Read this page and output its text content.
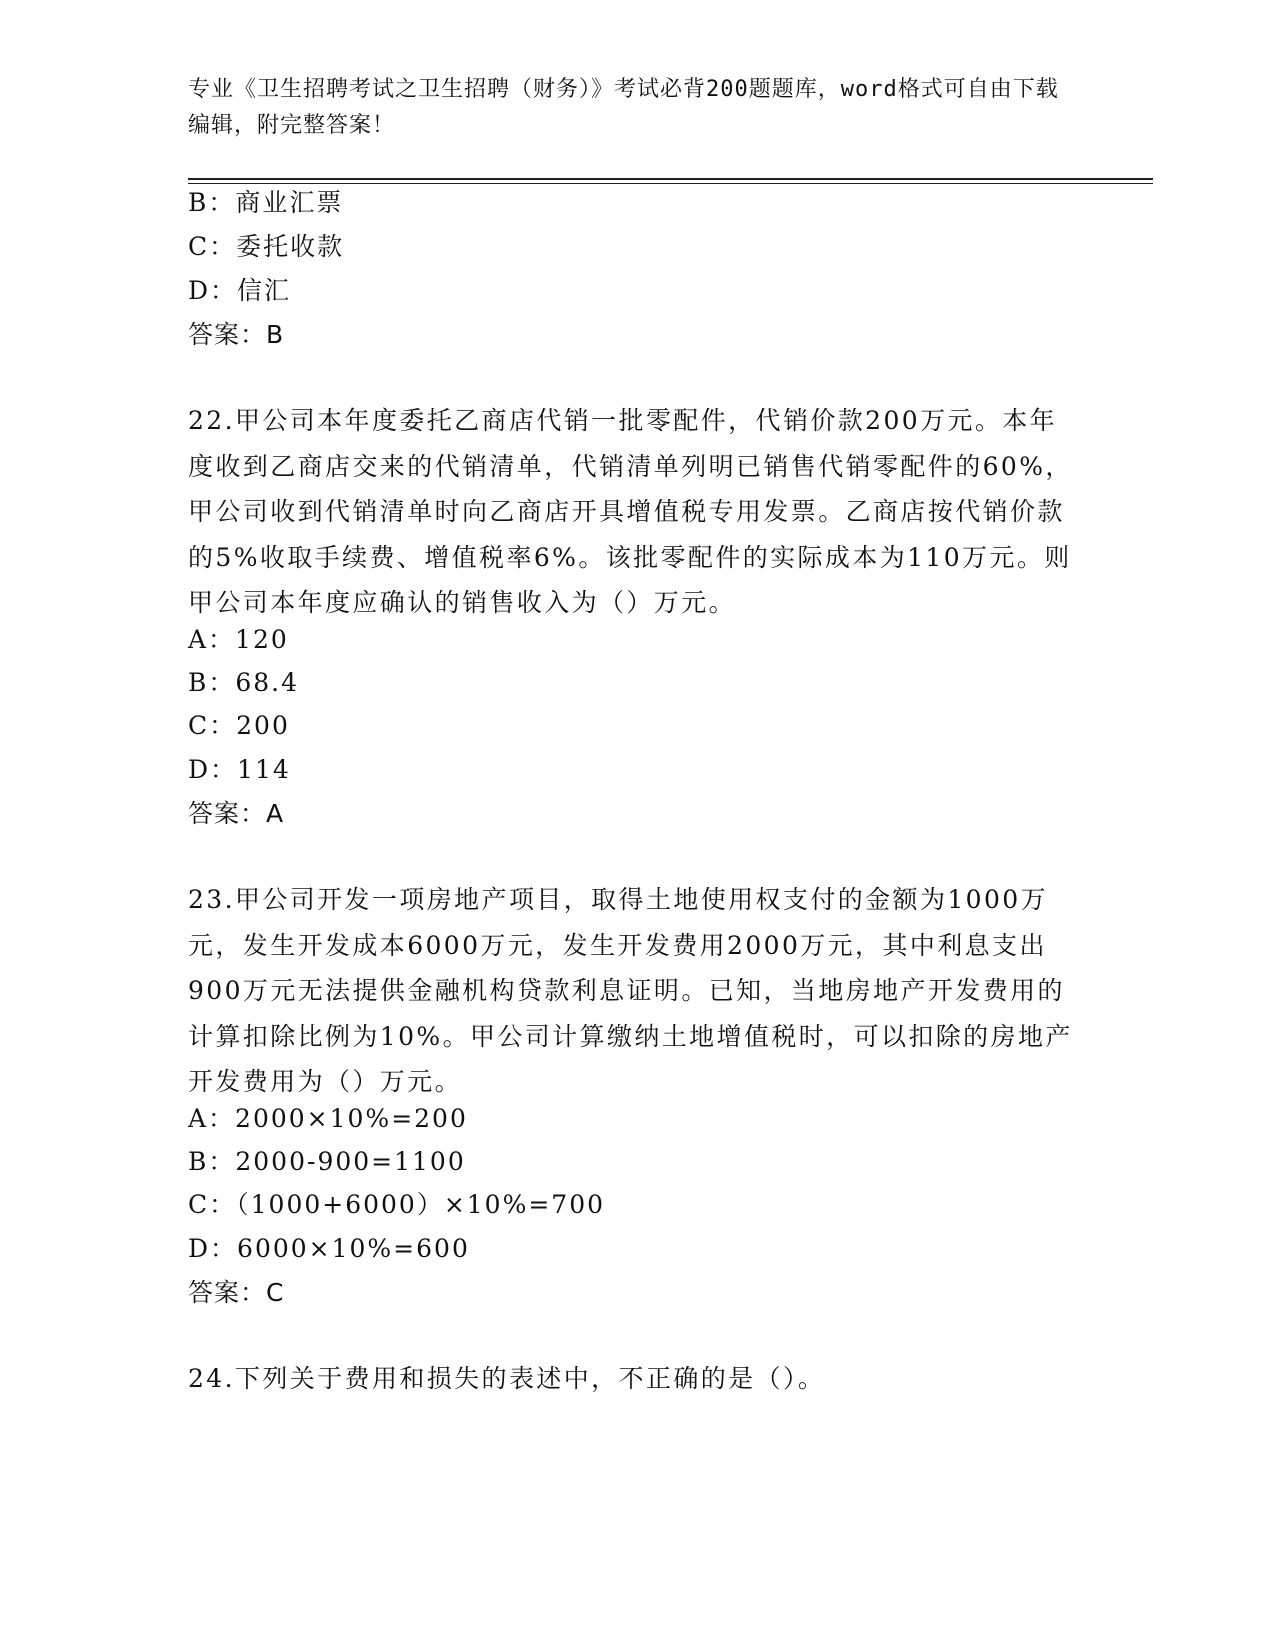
专业《卫生招聘考试之卫生招聘（财务）》考试必背200题题库，word格式可自由下载编辑，附完整答案！
B：商业汇票
C：委托收款
D：信汇
答案：B
22.甲公司本年度委托乙商店代销一批零配件，代销价款200万元。本年度收到乙商店交来的代销清单，代销清单列明已销售代销零配件的60%，甲公司收到代销清单时向乙商店开具增值税专用发票。乙商店按代销价款的5%收取手续费、增值税率6%。该批零配件的实际成本为110万元。则甲公司本年度应确认的销售收入为（）万元。
A：120
B：68.4
C：200
D：114
答案：A
23.甲公司开发一项房地产项目，取得土地使用权支付的金额为1000万元，发生开发成本6000万元，发生开发费用2000万元，其中利息支出900万元无法提供金融机构贷款利息证明。已知，当地房地产开发费用的计算扣除比例为10%。甲公司计算缴纳土地增值税时，可以扣除的房地产开发费用为（）万元。
A：2000×10%=200
B：2000-900=1100
C：（1000+6000）×10%=700
D：6000×10%=600
答案：C
24.下列关于费用和损失的表述中，不正确的是（）。
